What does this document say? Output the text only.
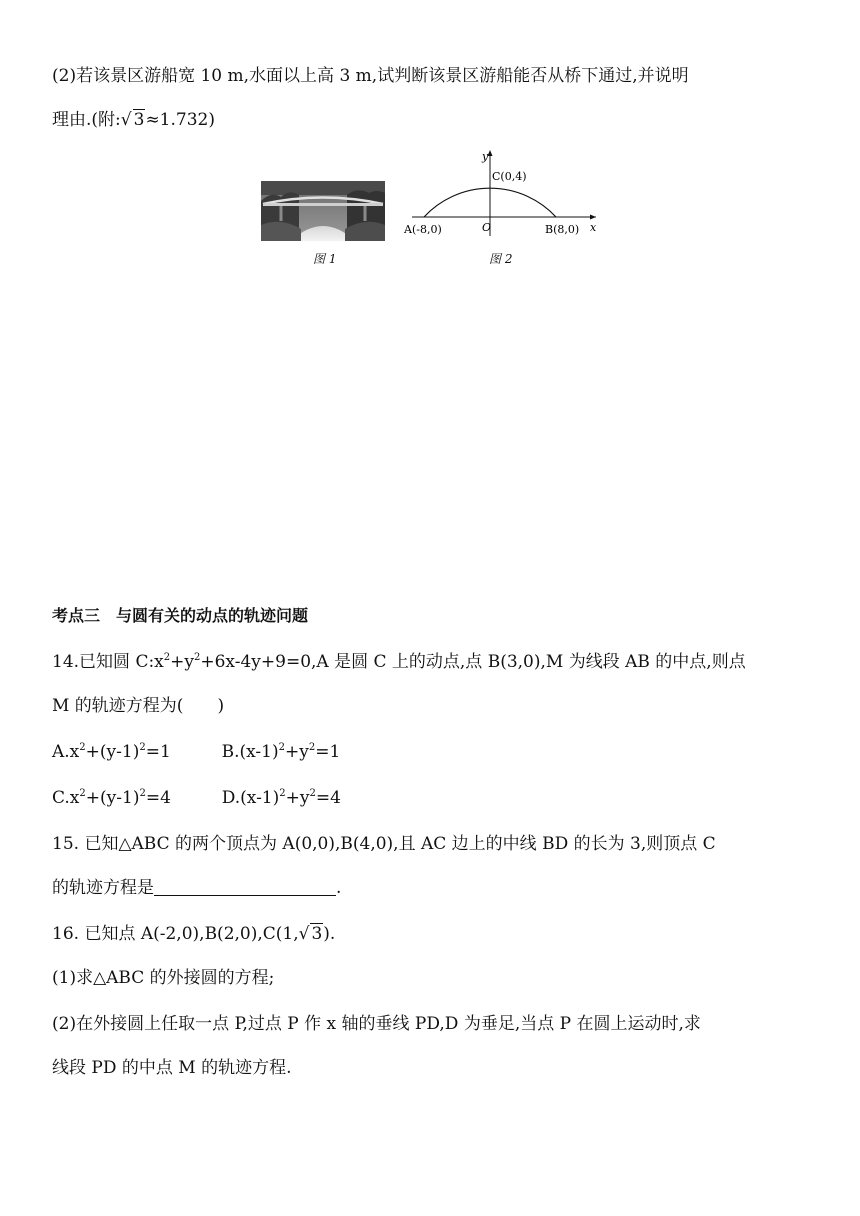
(2)若该景区游船宽 10 m,水面以上高 3 m,试判断该景区游船能否从桥下通过,并说明
理由.(附:√ 3≈1.732)
图 1
y
x
O
C(0,4)
A(-8,0)	B(8,0)
图 2
考点三　与圆有关的动点的轨迹问题
14.已知圆 $C:x^2+y^2+6x-4y+9=0,A$ 是圆 C 上的动点,点 B(3,0),M 为线段 AB 的中点,则点
M 的轨迹方程为(　　)
$A.x^2+(y-1)^2=1$	$B.(x-1)^2+y^2=1$
$C.x^2+(y-1)^2=4$	$D.(x-1)^2+y^2=4$
15. 已知△ABC 的两个顶点为 A(0,0),B(4,0),且 AC 边上的中线 BD 的长为 3,则顶点 C
的轨迹方程是	.
16. 已知点 A(-2,0),B(2,0),C(1,√ 3).
(1)求△ABC 的外接圆的方程;
(2)在外接圆上任取一点 P,过点 P 作 x 轴的垂线 PD,D 为垂足,当点 P 在圆上运动时,求
线段 PD 的中点 M 的轨迹方程.
